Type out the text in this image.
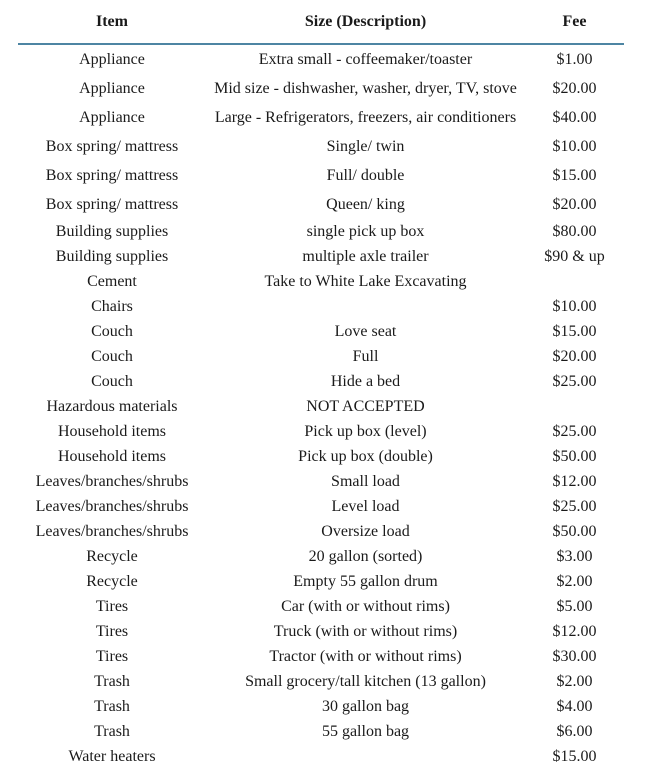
Item	Size (Description)	Fee
Appliance	Extra small - coffeemaker/toaster	$1.00
Appliance	Mid size - dishwasher, washer, dryer, TV, stove	$20.00
Appliance	Large - Refrigerators, freezers, air conditioners	$40.00
Box spring/ mattress	Single/ twin	$10.00
Box spring/ mattress	Full/ double	$15.00
Box spring/ mattress	Queen/ king	$20.00
Building supplies	single pick up box	$80.00
Building supplies	multiple axle trailer	$90 & up
Cement	Take to White Lake Excavating	
Chairs		$10.00
Couch	Love seat	$15.00
Couch	Full	$20.00
Couch	Hide a bed	$25.00
Hazardous materials	NOT ACCEPTED	
Household items	Pick up box (level)	$25.00
Household items	Pick up box (double)	$50.00
Leaves/branches/shrubs	Small load	$12.00
Leaves/branches/shrubs	Level load	$25.00
Leaves/branches/shrubs	Oversize load	$50.00
Recycle	20 gallon (sorted)	$3.00
Recycle	Empty 55 gallon drum	$2.00
Tires	Car (with or without rims)	$5.00
Tires	Truck (with or without rims)	$12.00
Tires	Tractor (with or without rims)	$30.00
Trash	Small grocery/tall kitchen (13 gallon)	$2.00
Trash	30 gallon bag	$4.00
Trash	55 gallon bag	$6.00
Water heaters		$15.00
